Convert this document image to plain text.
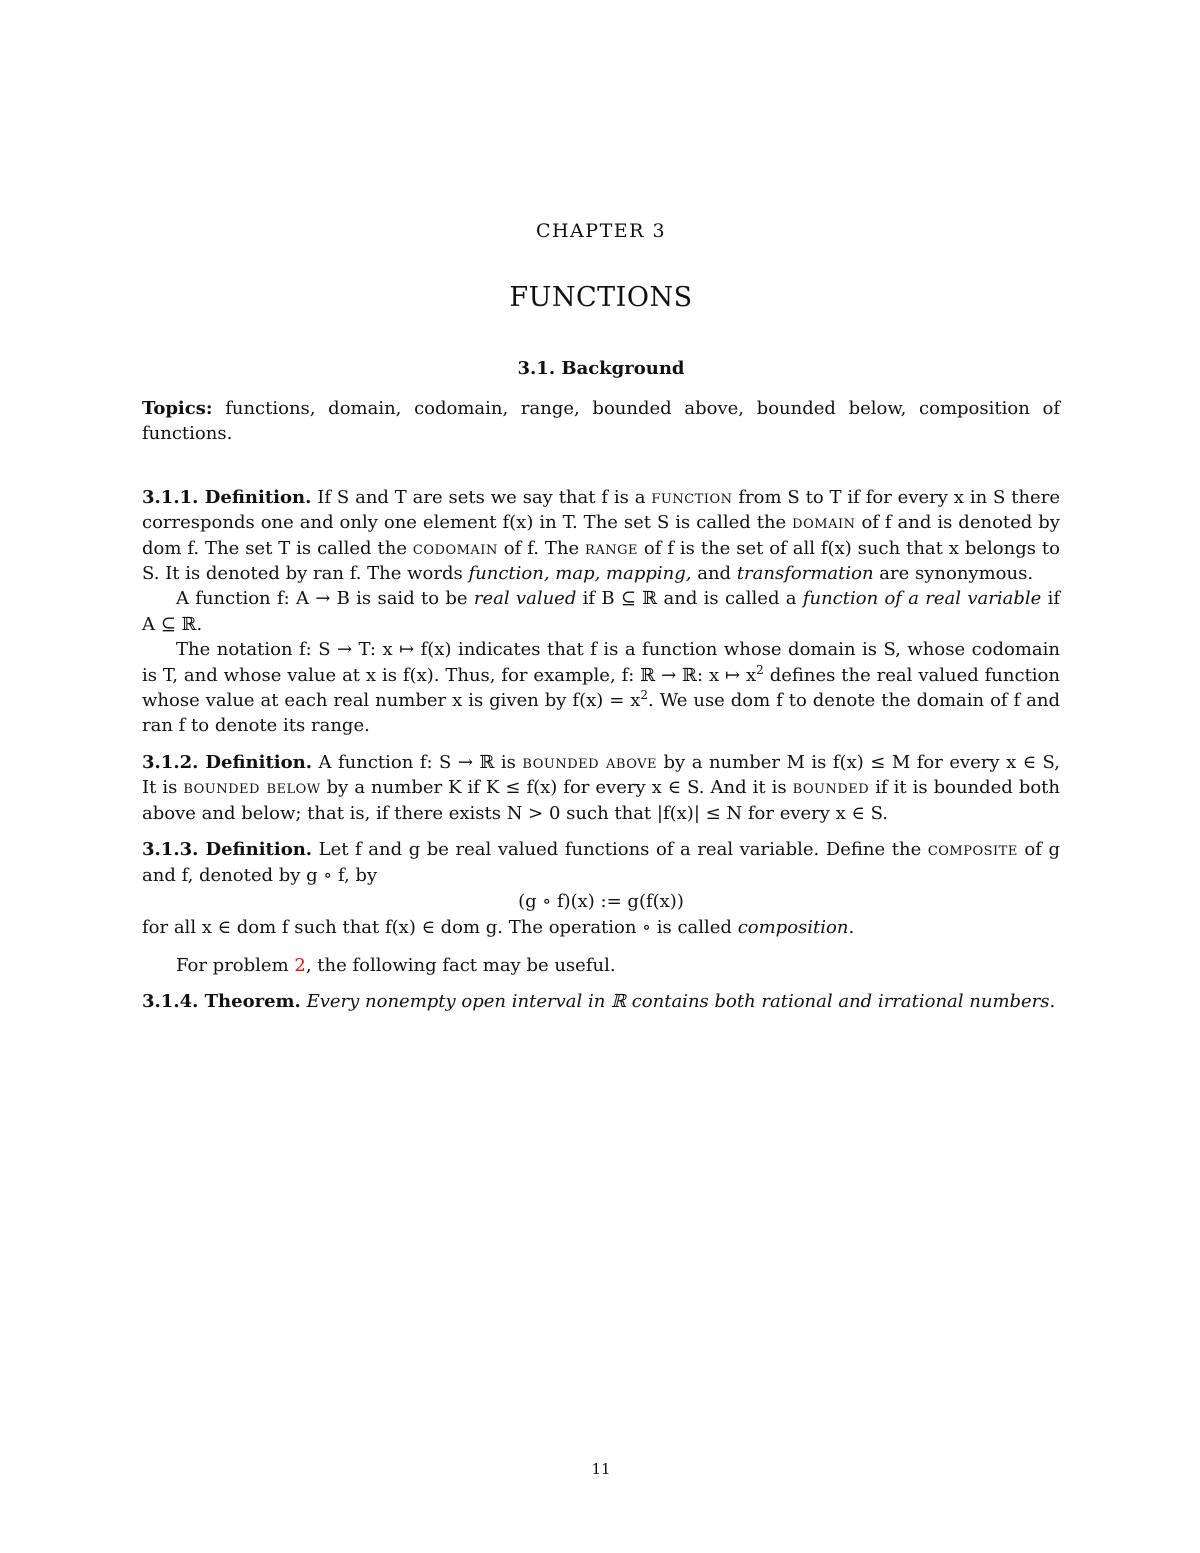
CHAPTER 3
FUNCTIONS
3.1. Background

Topics: functions, domain, codomain, range, bounded above, bounded below, composition of functions.

3.1.1. Definition. If S and T are sets we say that f is a function from S to T if for every x in S there corresponds one and only one element f(x) in T. The set S is called the domain of f and is denoted by dom f. The set T is called the codomain of f. The range of f is the set of all f(x) such that x belongs to S. It is denoted by ran f. The words function, map, mapping, and transformation are synonymous.

A function f: A → B is said to be real valued if B ⊆ ℝ and is called a function of a real variable if A ⊆ ℝ.

The notation f: S → T: x ↦ f(x) indicates that f is a function whose domain is S, whose codomain is T, and whose value at x is f(x). Thus, for example, f: ℝ → ℝ: x ↦ $x^2$ defines the real valued function whose value at each real number x is given by $f(x) = x^2$. We use dom f to denote the domain of f and ran f to denote its range.

3.1.2. Definition. A function f: S → ℝ is bounded above by a number M is f(x) ≤ M for every x ∈ S, It is bounded below by a number K if K ≤ f(x) for every x ∈ S. And it is bounded if it is bounded both above and below; that is, if there exists N > 0 such that |f(x)| ≤ N for every x ∈ S.

3.1.3. Definition. Let f and g be real valued functions of a real variable. Define the composite of g and f, denoted by g ∘ f, by

(g ∘ f)(x) := g(f(x))

for all x ∈ dom f such that f(x) ∈ dom g. The operation ∘ is called composition.

For problem 2, the following fact may be useful.

3.1.4. Theorem. Every nonempty open interval in ℝ contains both rational and irrational numbers.

11
